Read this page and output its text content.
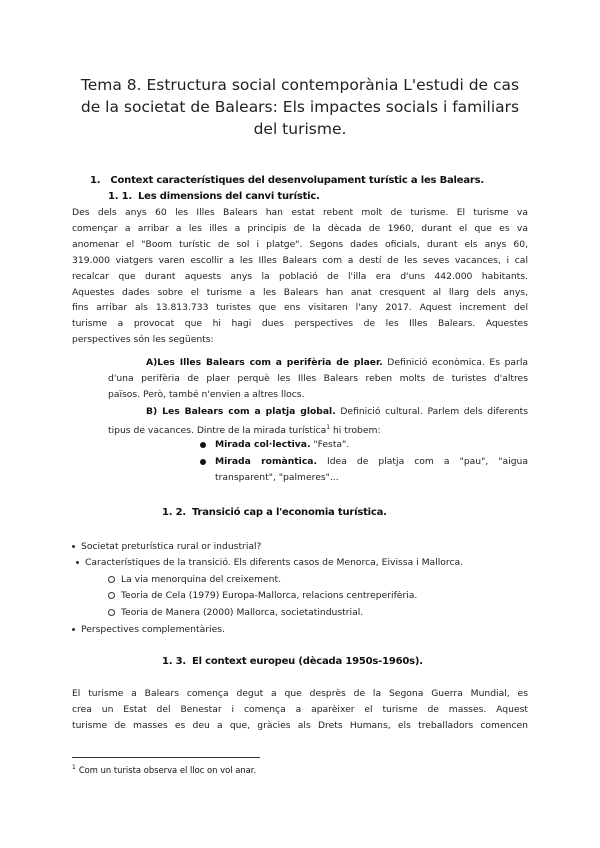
Tema 8. Estructura social contemporània L'estudi de cas
de la societat de Balears: Els impactes socials i familiars
del turisme.
1. Context característiques del desenvolupament turístic a les Balears.
1. 1. Les dimensions del canvi turístic.
Des dels anys 60 les Illes Balears han estat rebent molt de turisme. El turisme va
començar a arribar a les illes a principis de la dècada de 1960, durant el que es va
anomenar el "Boom turístic de sol i platge". Segons dades oficials, durant els anys 60,
319.000 viatgers varen escollir a les Illes Balears com a destí de les seves vacances, i cal
recalcar que durant aquests anys la població de l'illa era d'uns 442.000 habitants.
Aquestes dades sobre el turisme a les Balears han anat cresquent al llarg dels anys,
fins arribar als 13.813.733 turistes que ens visitaren l'any 2017. Aquest increment del
turisme a provocat que hi hagi dues perspectives de les Illes Balears. Aquestes
perspectives són les següents:
A)Les Illes Balears com a perifèria de plaer. Definició econòmica. Es parla
d'una perifèria de plaer perquè les Illes Balears reben molts de turistes d'altres
països. Però, també n'envien a altres llocs.
B) Les Balears com a platja global. Definició cultural. Parlem dels diferents
tipus de vacances. Dintre de la mirada turística$^1$ hi trobem:
Mirada col·lectiva. "Festa".
Mirada romàntica. Idea de platja com a "pau", "aigua
transparent", "palmeres"...
1. 2. Transició cap a l'economia turística.
Societat preturística rural or industrial?
Característiques de la transició. Els diferents casos de Menorca, Eivissa i Mallorca.
La via menorquina del creixement.
Teoria de Cela (1979) Europa-Mallorca, relacions centreperifèria.
Teoria de Manera (2000) Mallorca, societatindustrial.
Perspectives complementàries.
1. 3. El context europeu (dècada 1950s-1960s).
El turisme a Balears comença degut a que desprès de la Segona Guerra Mundial, es
crea un Estat del Benestar i comença a aparèixer el turisme de masses. Aquest
turisme de masses es deu a que, gràcies als Drets Humans, els treballadors comencen
$^1$ Com un turista observa el lloc on vol anar.
